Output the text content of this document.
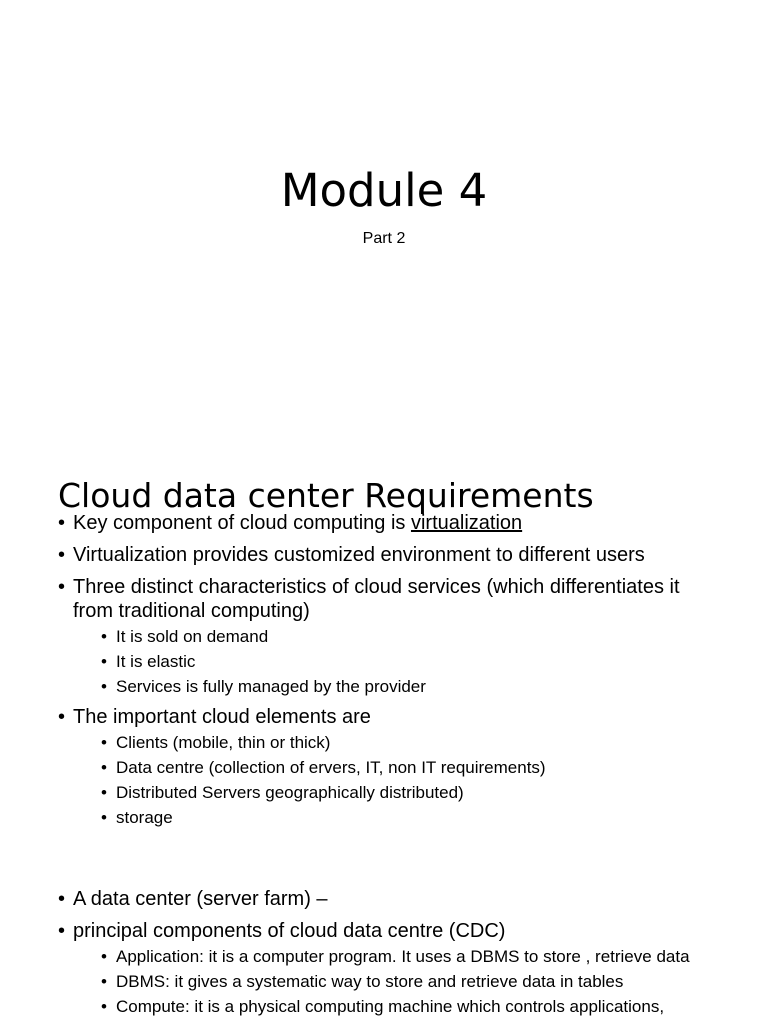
Module 4
Part 2
Cloud data center Requirements
• Key component of cloud computing is virtualization
• Virtualization provides customized environment to different users
• Three distinct characteristics of cloud services (which differentiates it from traditional computing)
• It is sold on demand
• It is elastic
• Services is fully managed by the provider
• The important cloud elements are
• Clients (mobile, thin or thick)
• Data centre (collection of ervers, IT, non IT requirements)
• Distributed Servers geographically distributed)
• storage
• A data center (server farm) –
• principal components of cloud data centre (CDC)
• Application: it is a computer program. It uses a DBMS to store , retrieve data
• DBMS: it gives a systematic way to store and retrieve data in tables
• Compute: it is a physical computing machine which controls applications,
